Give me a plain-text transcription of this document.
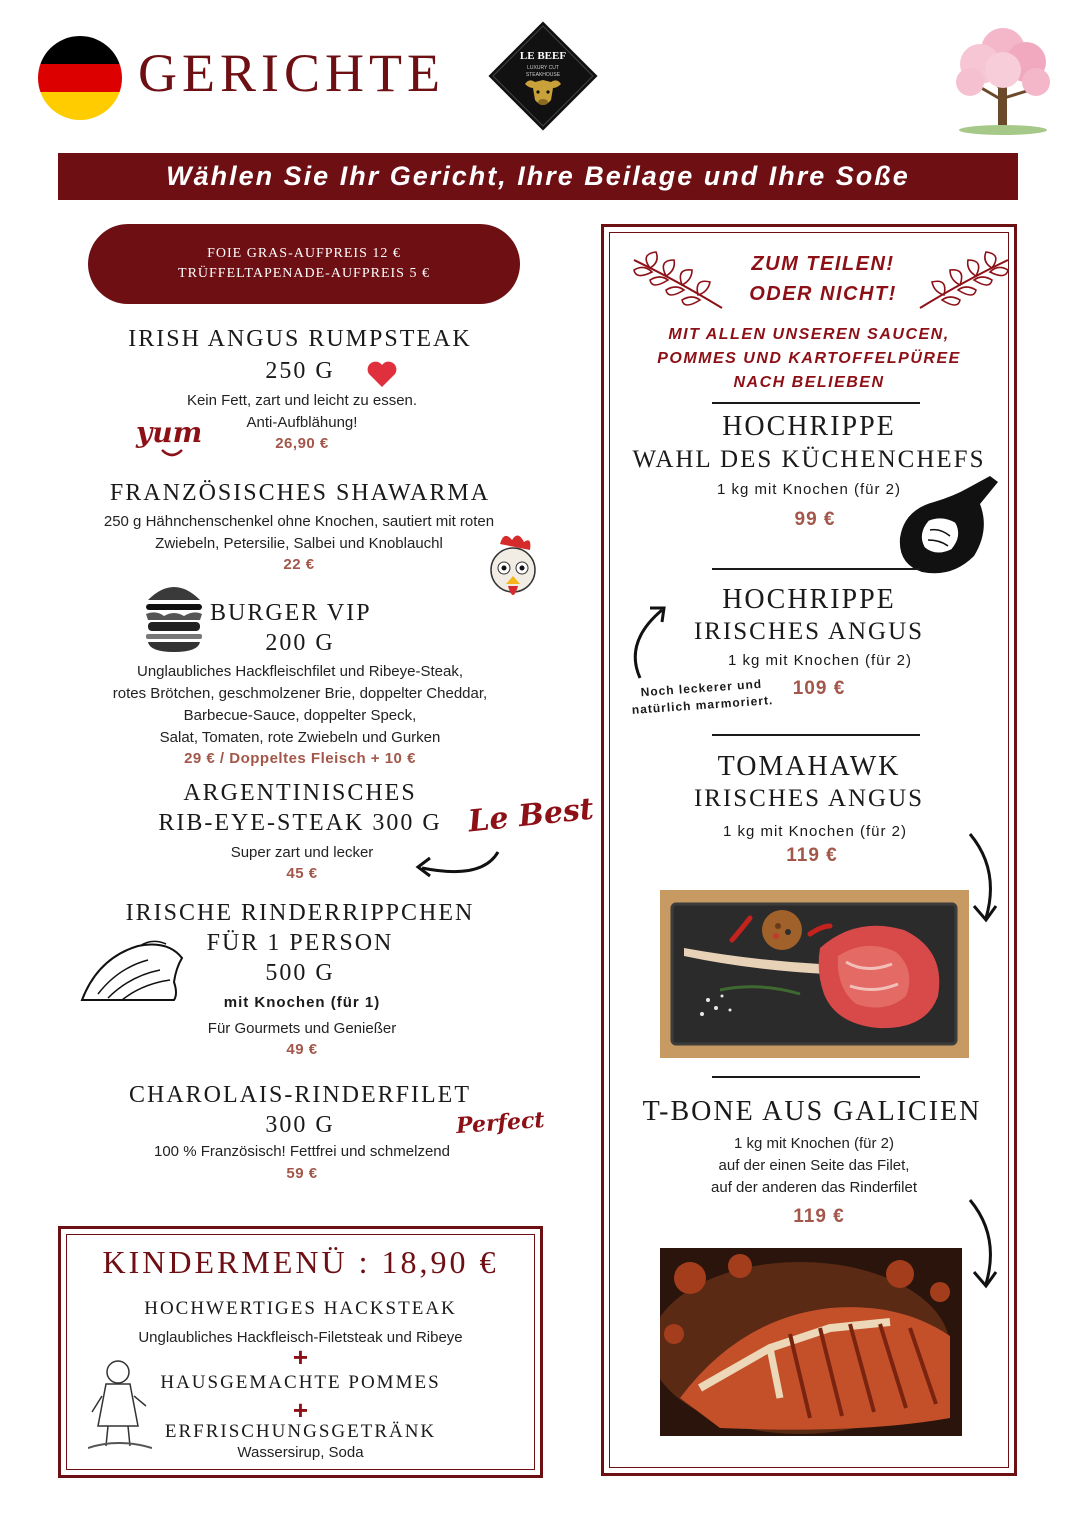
GERICHTE	LE BEEF
LUXURY CUT
STEAKHOUSE
Wählen Sie Ihr Gericht, Ihre Beilage und Ihre Soße
FOIE GRAS-AUFPREIS 12 €
TRÜFFELTAPENADE-AUFPREIS 5 €
IRISH ANGUS RUMPSTEAK
250 G
Kein Fett, zart und leicht zu essen.
Anti-Aufblähung!
26,90 €
yum
FRANZÖSISCHES SHAWARMA
250 g Hähnchenschenkel ohne Knochen, sautiert mit roten
Zwiebeln, Petersilie, Salbei und Knoblauchl
22 €
BURGER VIP
200 G
Unglaubliches Hackfleischfilet und Ribeye-Steak,
rotes Brötchen, geschmolzener Brie, doppelter Cheddar,
Barbecue-Sauce, doppelter Speck,
Salat, Tomaten, rote Zwiebeln und Gurken
29 € / Doppeltes Fleisch + 10 €
ARGENTINISCHES
RIB-EYE-STEAK 300 G
Super zart und lecker
45 €
Le Best
IRISCHE RINDERRIPPCHEN
FÜR 1 PERSON
500 G
mit Knochen (für 1)
Für Gourmets und Genießer
49 €
CHAROLAIS-RINDERFILET
300 G
100 % Französisch! Fettfrei und schmelzend
59 €
Perfect
KINDERMENÜ : 18,90 €
HOCHWERTIGES HACKSTEAK
Unglaubliches Hackfleisch-Filetsteak und Ribeye
+
HAUSGEMACHTE POMMES
+
ERFRISCHUNGSGETRÄNK
Wassersirup, Soda
ZUM TEILEN!
ODER NICHT!
MIT ALLEN UNSEREN SAUCEN,
POMMES UND KARTOFFELPÜREE
NACH BELIEBEN
HOCHRIPPE
WAHL DES KÜCHENCHEFS
1 kg mit Knochen (für 2)
99 €
HOCHRIPPE
IRISCHES ANGUS
1 kg mit Knochen (für 2)
109 €
Noch leckerer und
natürlich marmoriert.
TOMAHAWK
IRISCHES ANGUS
1 kg mit Knochen (für 2)
119 €
T-BONE AUS GALICIEN
1 kg mit Knochen (für 2)
auf der einen Seite das Filet,
auf der anderen das Rinderfilet
119 €
